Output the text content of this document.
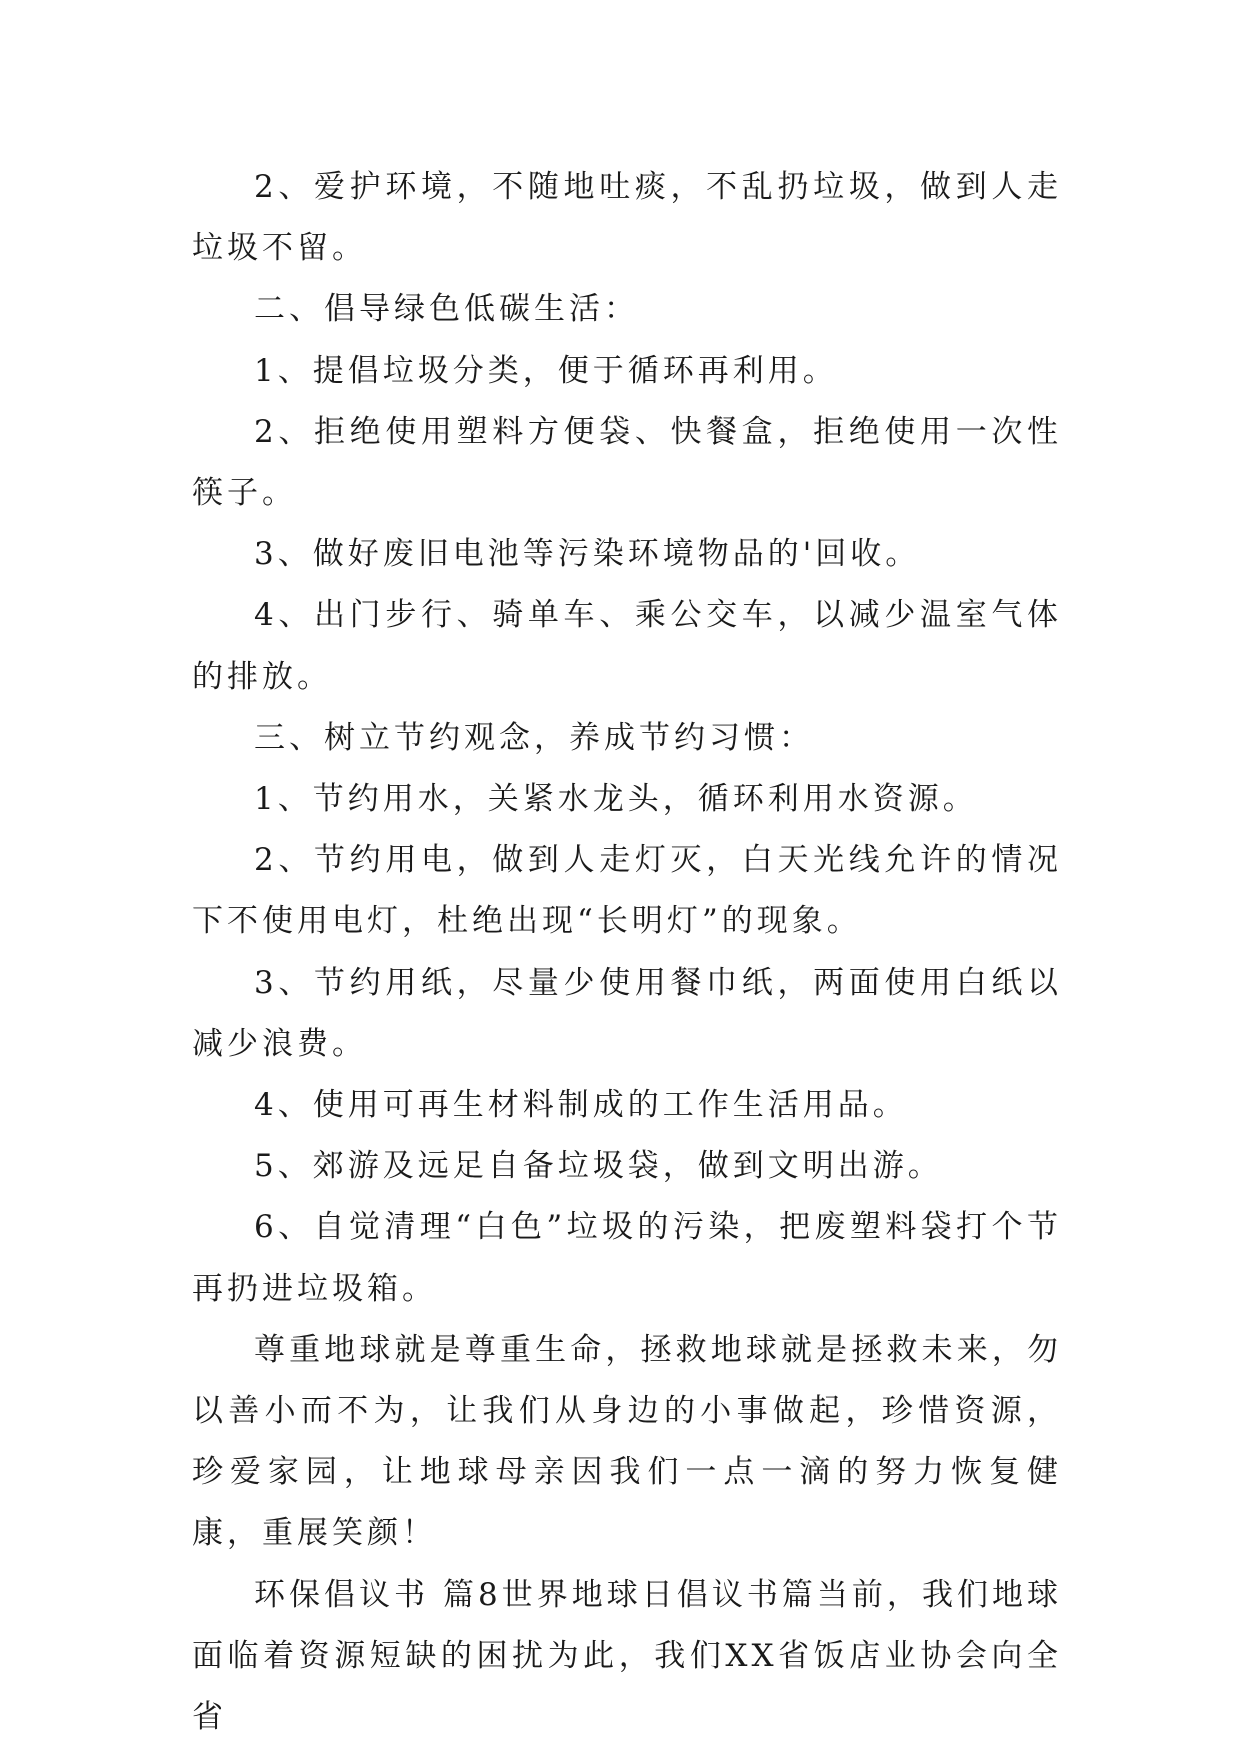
2、爱护环境，不随地吐痰，不乱扔垃圾，做到人走垃圾不留。

二、倡导绿色低碳生活：

1、提倡垃圾分类，便于循环再利用。

2、拒绝使用塑料方便袋、快餐盒，拒绝使用一次性筷子。

3、做好废旧电池等污染环境物品的'回收。

4、出门步行、骑单车、乘公交车，以减少温室气体的排放。

三、树立节约观念，养成节约习惯：

1、节约用水，关紧水龙头，循环利用水资源。

2、节约用电，做到人走灯灭，白天光线允许的情况下不使用电灯，杜绝出现“长明灯”的现象。

3、节约用纸，尽量少使用餐巾纸，两面使用白纸以减少浪费。

4、使用可再生材料制成的工作生活用品。

5、郊游及远足自备垃圾袋，做到文明出游。

6、自觉清理“白色”垃圾的污染，把废塑料袋打个节再扔进垃圾箱。

尊重地球就是尊重生命，拯救地球就是拯救未来，勿以善小而不为，让我们从身边的小事做起，珍惜资源，珍爱家园，让地球母亲因我们一点一滴的努力恢复健康，重展笑颜！

环保倡议书 篇8世界地球日倡议书篇当前，我们地球面临着资源短缺的困扰为此，我们XX省饭店业协会向全省
